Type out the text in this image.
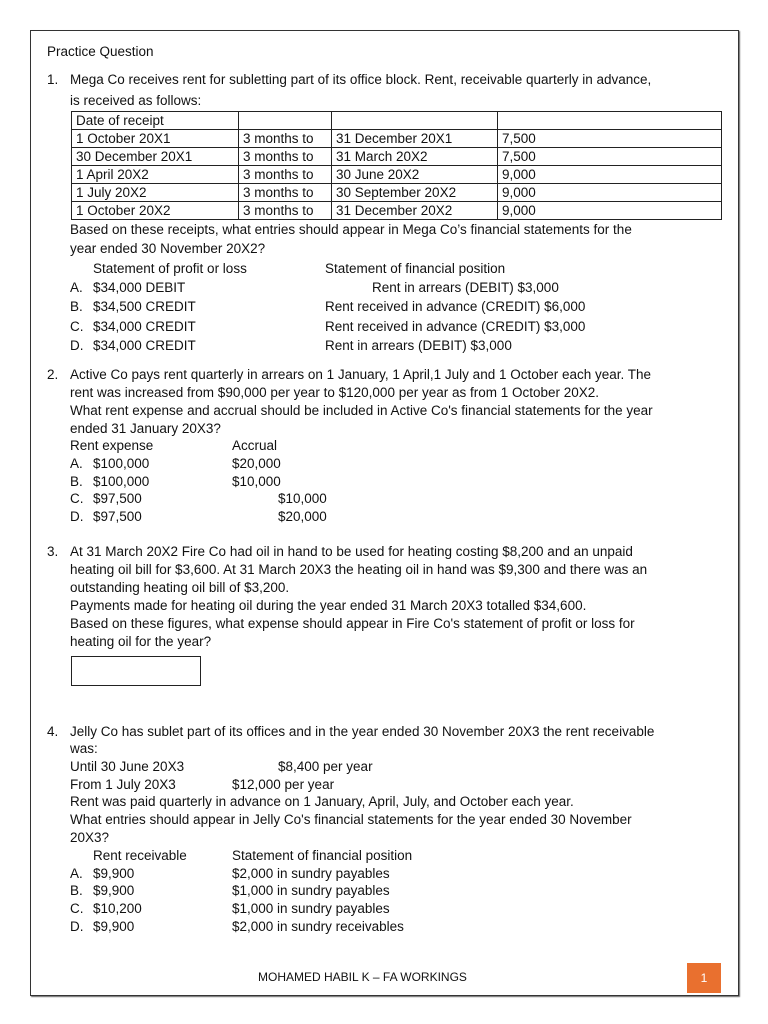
Practice Question
1. Mega Co receives rent for subletting part of its office block. Rent, receivable quarterly in advance,
is received as follows:
Date of receipt			
1 October 20X1	3 months to	31 December 20X1	7,500
30 December 20X1	3 months to	31 March 20X2	7,500
1 April 20X2	3 months to	30 June 20X2	9,000
1 July 20X2	3 months to	30 September 20X2	9,000
1 October 20X2	3 months to	31 December 20X2	9,000
Based on these receipts, what entries should appear in Mega Co’s financial statements for the
year ended 30 November 20X2?
Statement of profit or loss	Statement of financial position
A. $34,000 DEBIT	Rent in arrears (DEBIT) $3,000
B. $34,500 CREDIT	Rent received in advance (CREDIT) $6,000
C. $34,000 CREDIT	Rent received in advance (CREDIT) $3,000
D. $34,000 CREDIT	Rent in arrears (DEBIT) $3,000
2. Active Co pays rent quarterly in arrears on 1 January, 1 April,1 July and 1 October each year. The
rent was increased from $90,000 per year to $120,000 per year as from 1 October 20X2.
What rent expense and accrual should be included in Active Co's financial statements for the year
ended 31 January 20X3?
Rent expense	Accrual
A. $100,000	$20,000
B. $100,000	$10,000
C. $97,500	$10,000
D. $97,500	$20,000
3. At 31 March 20X2 Fire Co had oil in hand to be used for heating costing $8,200 and an unpaid
heating oil bill for $3,600. At 31 March 20X3 the heating oil in hand was $9,300 and there was an
outstanding heating oil bill of $3,200.
Payments made for heating oil during the year ended 31 March 20X3 totalled $34,600.
Based on these figures, what expense should appear in Fire Co's statement of profit or loss for
heating oil for the year?
4. Jelly Co has sublet part of its offices and in the year ended 30 November 20X3 the rent receivable
was:
Until 30 June 20X3	$8,400 per year
From 1 July 20X3	$12,000 per year
Rent was paid quarterly in advance on 1 January, April, July, and October each year.
What entries should appear in Jelly Co's financial statements for the year ended 30 November
20X3?
Rent receivable	Statement of financial position
A. $9,900	$2,000 in sundry payables
B. $9,900	$1,000 in sundry payables
C. $10,200	$1,000 in sundry payables
D. $9,900	$2,000 in sundry receivables
MOHAMED HABIL K – FA WORKINGS	1
